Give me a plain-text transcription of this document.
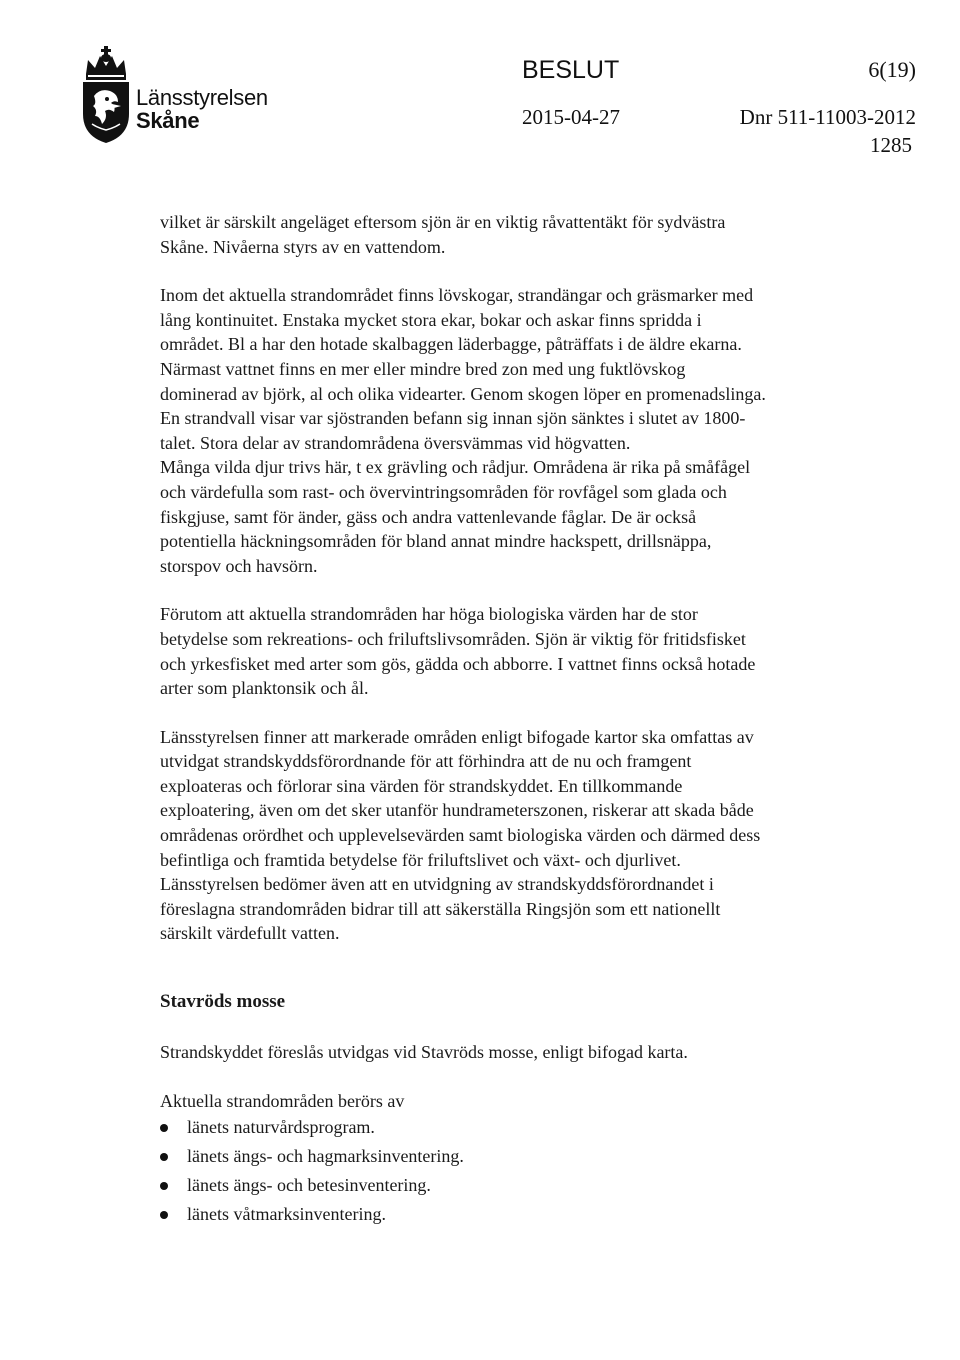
Länsstyrelsen
Skåne
BESLUT	6(19)
2015-04-27	Dnr 511-11003-2012
1285
vilket är särskilt angeläget eftersom sjön är en viktig råvattentäkt för sydvästra
Skåne. Nivåerna styrs av en vattendom.
Inom det aktuella strandområdet finns lövskogar, strandängar och gräsmarker med
lång kontinuitet. Enstaka mycket stora ekar, bokar och askar finns spridda i
området. Bl a har den hotade skalbaggen läderbagge, påträffats i de äldre ekarna.
Närmast vattnet finns en mer eller mindre bred zon med ung fuktlövskog
dominerad av björk, al och olika videarter. Genom skogen löper en promenadslinga.
En strandvall visar var sjöstranden befann sig innan sjön sänktes i slutet av 1800-
talet. Stora delar av strandområdena översvämmas vid högvatten.
Många vilda djur trivs här, t ex grävling och rådjur. Områdena är rika på småfågel
och värdefulla som rast- och övervintringsområden för rovfågel som glada och
fiskgjuse, samt för änder, gäss och andra vattenlevande fåglar. De är också
potentiella häckningsområden för bland annat mindre hackspett, drillsnäppa,
storspov och havsörn.
Förutom att aktuella strandområden har höga biologiska värden har de stor
betydelse som rekreations- och friluftslivsområden. Sjön är viktig för fritidsfisket
och yrkesfisket med arter som gös, gädda och abborre. I vattnet finns också hotade
arter som planktonsik och ål.
Länsstyrelsen finner att markerade områden enligt bifogade kartor ska omfattas av
utvidgat strandskyddsförordnande för att förhindra att de nu och framgent
exploateras och förlorar sina värden för strandskyddet. En tillkommande
exploatering, även om det sker utanför hundrameterszonen, riskerar att skada både
områdenas orördhet och upplevelsevärden samt biologiska värden och därmed dess
befintliga och framtida betydelse för friluftslivet och växt- och djurlivet.
Länsstyrelsen bedömer även att en utvidgning av strandskyddsförordnandet i
föreslagna strandområden bidrar till att säkerställa Ringsjön som ett nationellt
särskilt värdefullt vatten.
Stavröds mosse
Strandskyddet föreslås utvidgas vid Stavröds mosse, enligt bifogad karta.
Aktuella strandområden berörs av
länets naturvårdsprogram.
länets ängs- och hagmarksinventering.
länets ängs- och betesinventering.
länets våtmarksinventering.
